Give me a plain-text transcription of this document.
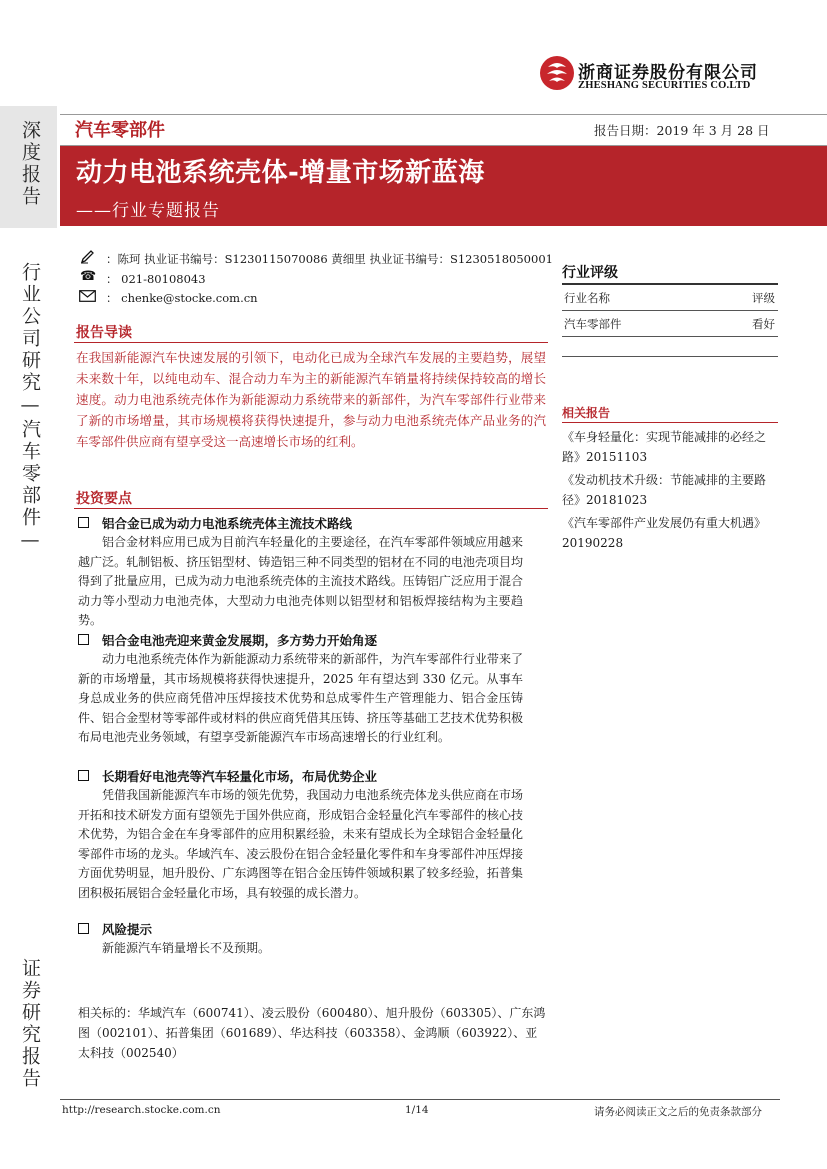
浙商证券股份有限公司
ZHESHANG SECURITIES CO.LTD
深度报告
行业公司研究—汽车零部件—
证券研究报告
汽车零部件	报告日期：2019 年 3 月 28 日
动力电池系统壳体-增量市场新蓝海
——行业专题报告
：陈珂 执业证书编号：S1230115070086 黄细里 执业证书编号：S1230518050001
☎ ： 021-80108043
： chenke@stocke.com.cn
报告导读
在我国新能源汽车快速发展的引领下，电动化已成为全球汽车发展的主要趋势，展望未来数十年，以纯电动车、混合动力车为主的新能源汽车销量将持续保持较高的增长速度。动力电池系统壳体作为新能源动力系统带来的新部件，为汽车零部件行业带来了新的市场增量，其市场规模将获得快速提升，参与动力电池系统壳体产品业务的汽车零部件供应商有望享受这一高速增长市场的红利。
投资要点
铝合金已成为动力电池系统壳体主流技术路线
铝合金材料应用已成为目前汽车轻量化的主要途径，在汽车零部件领域应用越来越广泛。轧制铝板、挤压铝型材、铸造铝三种不同类型的铝材在不同的电池壳项目均得到了批量应用，已成为动力电池系统壳体的主流技术路线。压铸铝广泛应用于混合动力等小型动力电池壳体，大型动力电池壳体则以铝型材和铝板焊接结构为主要趋势。
铝合金电池壳迎来黄金发展期，多方势力开始角逐
动力电池系统壳体作为新能源动力系统带来的新部件，为汽车零部件行业带来了新的市场增量，其市场规模将获得快速提升，2025 年有望达到 330 亿元。从事车身总成业务的供应商凭借冲压焊接技术优势和总成零件生产管理能力、铝合金压铸件、铝合金型材等零部件或材料的供应商凭借其压铸、挤压等基础工艺技术优势积极布局电池壳业务领域，有望享受新能源汽车市场高速增长的行业红利。
长期看好电池壳等汽车轻量化市场，布局优势企业
凭借我国新能源汽车市场的领先优势，我国动力电池系统壳体龙头供应商在市场开拓和技术研发方面有望领先于国外供应商，形成铝合金轻量化汽车零部件的核心技术优势，为铝合金在车身零部件的应用积累经验，未来有望成长为全球铝合金轻量化零部件市场的龙头。华域汽车、凌云股份在铝合金轻量化零件和车身零部件冲压焊接方面优势明显，旭升股份、广东鸿图等在铝合金压铸件领域积累了较多经验，拓普集团积极拓展铝合金轻量化市场，具有较强的成长潜力。
风险提示
新能源汽车销量增长不及预期。
相关标的：华域汽车（600741）、凌云股份（600480）、旭升股份（603305）、广东鸿图（002101）、拓普集团（601689）、华达科技（603358）、金鸿顺（603922）、亚太科技（002540）
行业评级
行业名称	评级
汽车零部件	看好
相关报告
《车身轻量化：实现节能减排的必经之路》20151103
《发动机技术升级：节能减排的主要路径》20181023
《汽车零部件产业发展仍有重大机遇》20190228
http://research.stocke.com.cn	1/14	请务必阅读正文之后的免责条款部分
